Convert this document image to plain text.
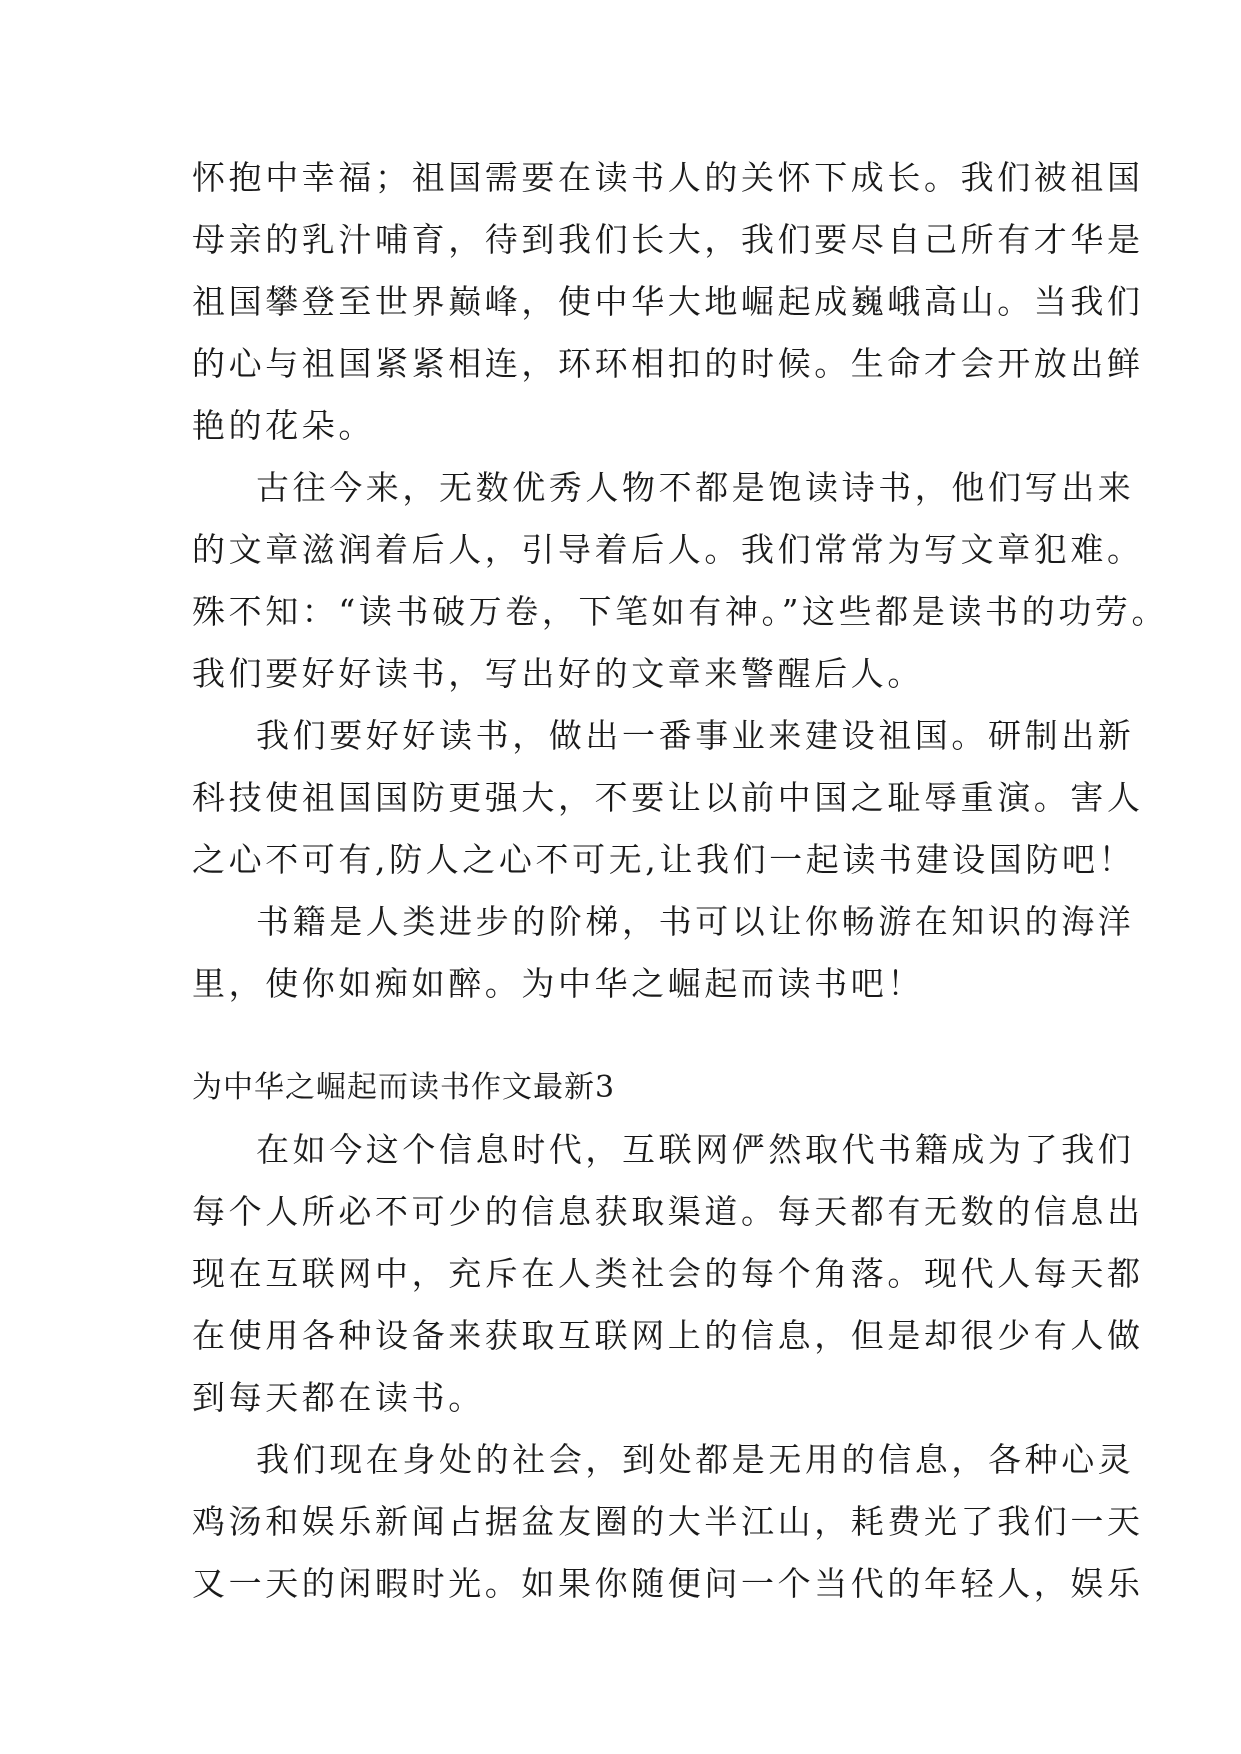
怀抱中幸福；祖国需要在读书人的关怀下成长。我们被祖国
母亲的乳汁哺育，待到我们长大，我们要尽自己所有才华是
祖国攀登至世界巅峰，使中华大地崛起成巍峨高山。当我们
的心与祖国紧紧相连，环环相扣的时候。生命才会开放出鲜
艳的花朵。
古往今来，无数优秀人物不都是饱读诗书，他们写出来
的文章滋润着后人，引导着后人。我们常常为写文章犯难。
殊不知：“读书破万卷，下笔如有神。”这些都是读书的功劳。
我们要好好读书，写出好的文章来警醒后人。
我们要好好读书，做出一番事业来建设祖国。研制出新
科技使祖国国防更强大，不要让以前中国之耻辱重演。害人
之心不可有,防人之心不可无,让我们一起读书建设国防吧！
书籍是人类进步的阶梯，书可以让你畅游在知识的海洋
里，使你如痴如醉。为中华之崛起而读书吧！
为中华之崛起而读书作文最新3
在如今这个信息时代，互联网俨然取代书籍成为了我们
每个人所必不可少的信息获取渠道。每天都有无数的信息出
现在互联网中，充斥在人类社会的每个角落。现代人每天都
在使用各种设备来获取互联网上的信息，但是却很少有人做
到每天都在读书。
我们现在身处的社会，到处都是无用的信息，各种心灵
鸡汤和娱乐新闻占据盆友圈的大半江山，耗费光了我们一天
又一天的闲暇时光。如果你随便问一个当代的年轻人，娱乐
